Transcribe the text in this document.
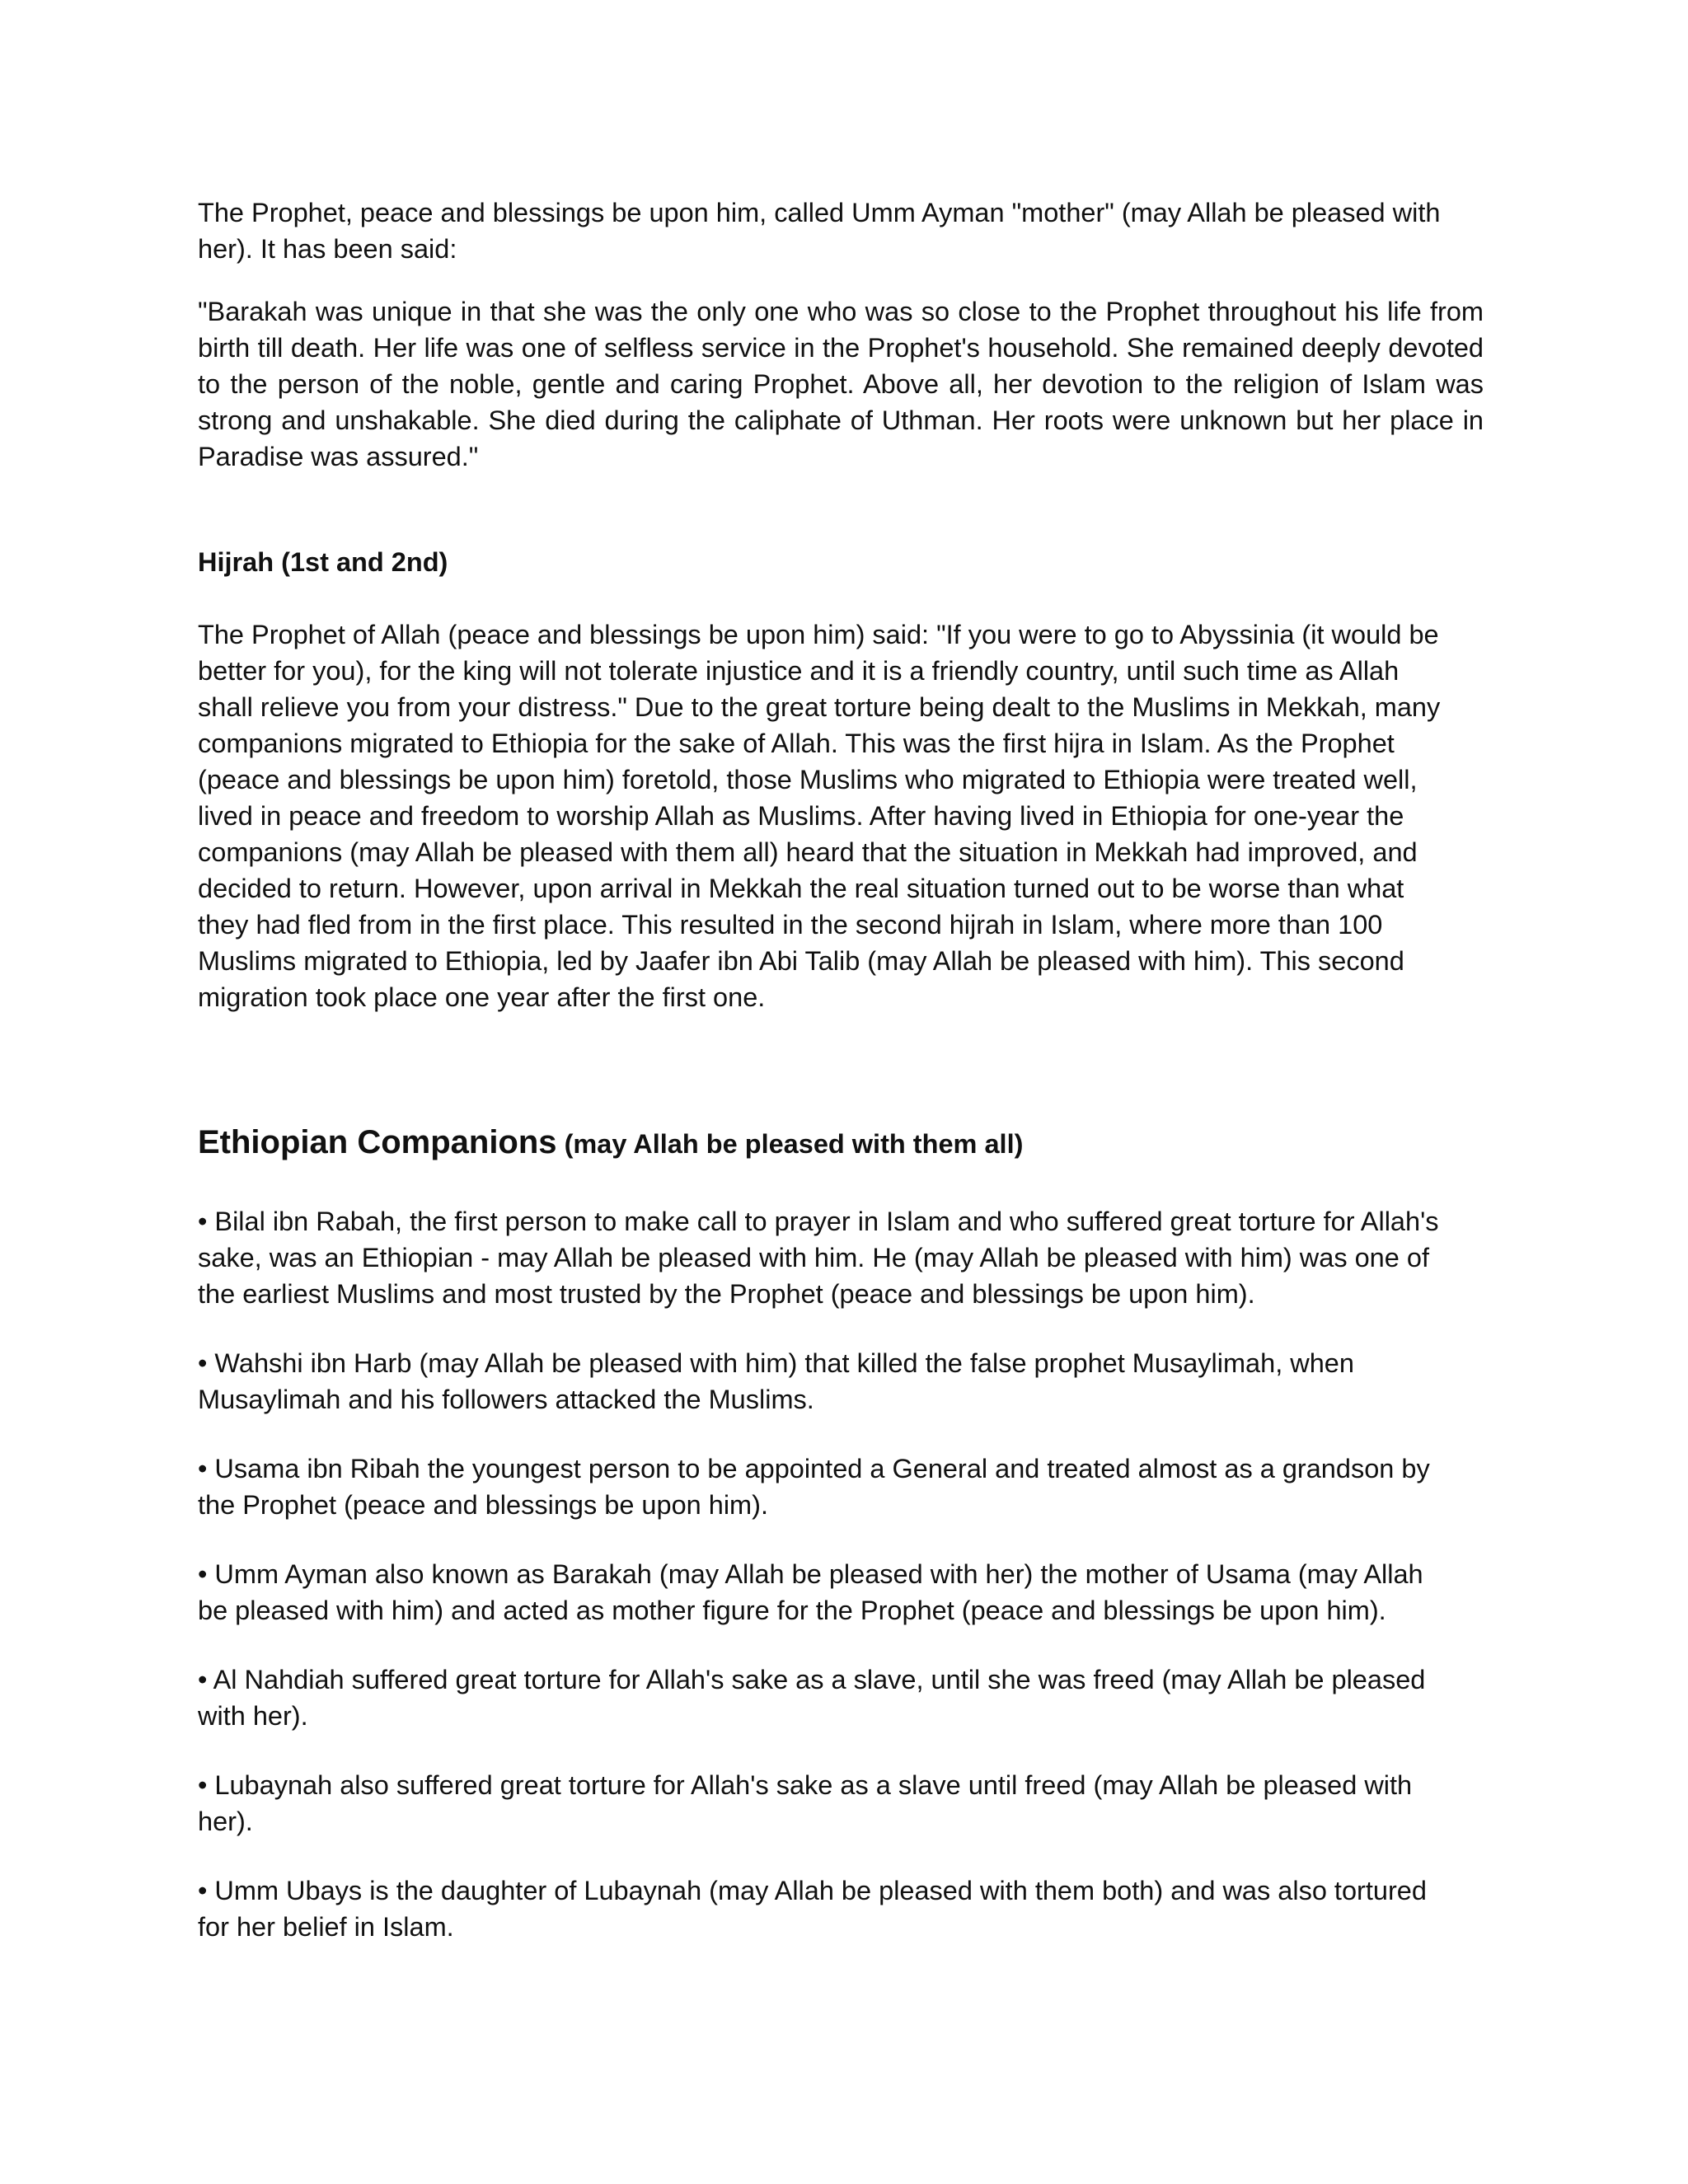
The Prophet, peace and blessings be upon him, called Umm Ayman "mother" (may Allah be pleased with
her). It has been said:

"Barakah was unique in that she was the only one who was so close to the Prophet throughout his life from birth till death. Her life was one of selfless service in the Prophet's household. She remained deeply devoted to the person of the noble, gentle and caring Prophet. Above all, her devotion to the religion of Islam was strong and unshakable. She died during the caliphate of Uthman. Her roots were unknown but her place in Paradise was assured."

Hijrah (1st and 2nd)

The Prophet of Allah (peace and blessings be upon him) said: "If you were to go to Abyssinia (it would be
better for you), for the king will not tolerate injustice and it is a friendly country, until such time as Allah
shall relieve you from your distress." Due to the great torture being dealt to the Muslims in Mekkah, many
companions migrated to Ethiopia for the sake of Allah. This was the first hijra in Islam. As the Prophet
(peace and blessings be upon him) foretold, those Muslims who migrated to Ethiopia were treated well,
lived in peace and freedom to worship Allah as Muslims. After having lived in Ethiopia for one-year the
companions (may Allah be pleased with them all) heard that the situation in Mekkah had improved, and
decided to return. However, upon arrival in Mekkah the real situation turned out to be worse than what
they had fled from in the first place. This resulted in the second hijrah in Islam, where more than 100
Muslims migrated to Ethiopia, led by Jaafer ibn Abi Talib (may Allah be pleased with him). This second
migration took place one year after the first one.

Ethiopian Companions (may Allah be pleased with them all)

• Bilal ibn Rabah, the first person to make call to prayer in Islam and who suffered great torture for Allah's
sake, was an Ethiopian - may Allah be pleased with him. He (may Allah be pleased with him) was one of
the earliest Muslims and most trusted by the Prophet (peace and blessings be upon him).

• Wahshi ibn Harb (may Allah be pleased with him) that killed the false prophet Musaylimah, when
Musaylimah and his followers attacked the Muslims.

• Usama ibn Ribah the youngest person to be appointed a General and treated almost as a grandson by
the Prophet (peace and blessings be upon him).

• Umm Ayman also known as Barakah (may Allah be pleased with her) the mother of Usama (may Allah
be pleased with him) and acted as mother figure for the Prophet (peace and blessings be upon him).

• Al Nahdiah suffered great torture for Allah's sake as a slave, until she was freed (may Allah be pleased
with her).

• Lubaynah also suffered great torture for Allah's sake as a slave until freed (may Allah be pleased with
her).

• Umm Ubays is the daughter of Lubaynah (may Allah be pleased with them both) and was also tortured
for her belief in Islam.
